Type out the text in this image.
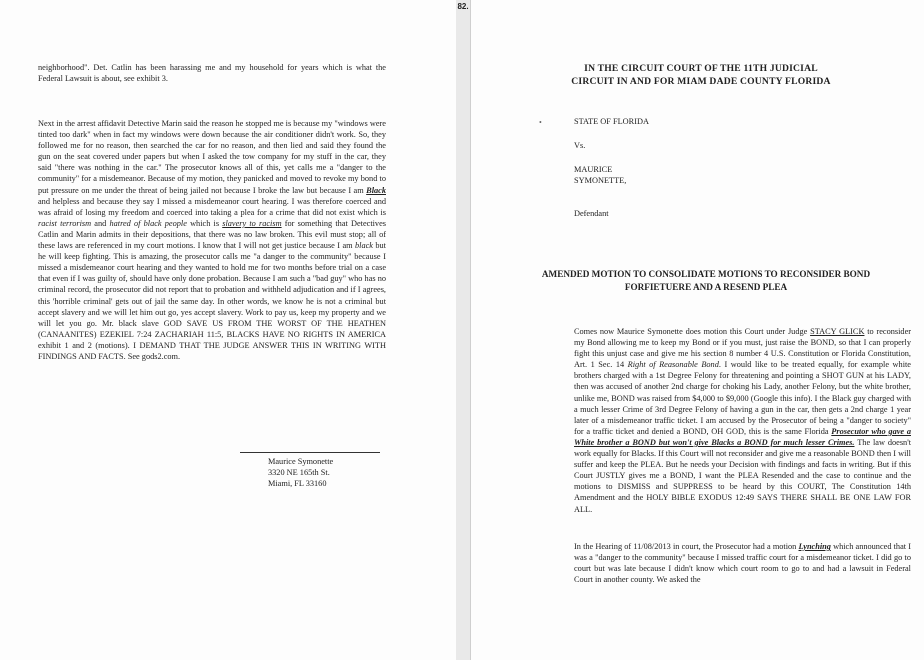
neighborhood". Det. Catlin has been harassing me and my household for years which is what the Federal Lawsuit is about, see exhibit 3.
Next in the arrest affidavit Detective Marin said the reason he stopped me is because my "windows were tinted too dark" when in fact my windows were down because the air conditioner didn't work. So, they followed me for no reason, then searched the car for no reason, and then lied and said they found the gun on the seat covered under papers but when I asked the tow company for my stuff in the car, they said "there was nothing in the car." The prosecutor knows all of this, yet calls me a "danger to the community" for a misdemeanor. Because of my motion, they panicked and moved to revoke my bond to put pressure on me under the threat of being jailed not because I broke the law but because I am Black and helpless and because they say I missed a misdemeanor court hearing. I was therefore coerced and was afraid of losing my freedom and coerced into taking a plea for a crime that did not exist which is racist terrorism and hatred of black people which is slavery to racism for something that Detectives Catlin and Marin admits in their depositions, that there was no law broken. This evil must stop; all of these laws are referenced in my court motions. I know that I will not get justice because I am black but he will keep fighting. This is amazing, the prosecutor calls me "a danger to the community" because I missed a misdemeanor court hearing and they wanted to hold me for two months before trial on a case that even if I was guilty of, should have only done probation. Because I am such a "bad guy" who has no criminal record, the prosecutor did not report that to probation and withheld adjudication and if I agrees, this 'horrible criminal' gets out of jail the same day. In other words, we know he is not a criminal but accept slavery and we will let him out go, yes accept slavery. Work to pay us, keep my property and we will let you go. Mr. black slave GOD SAVE US FROM THE WORST OF THE HEATHEN (CANAANITES) EZEKIEL 7:24 ZACHARIAH 11:5, BLACKS HAVE NO RIGHTS IN AMERICA exhibit 1 and 2 (motions). I DEMAND THAT THE JUDGE ANSWER THIS IN WRITING WITH FINDINGS AND FACTS. See gods2.com.
Maurice Symonette
3320 NE 165th St.
Miami, FL 33160
82.
IN THE CIRCUIT COURT OF THE 11TH JUDICIAL
CIRCUIT IN AND FOR MIAM DADE COUNTY FLORIDA
•	STATE OF FLORIDA
Vs.
MAURICE
SYMONETTE,
Defendant
AMENDED MOTION TO CONSOLIDATE MOTIONS TO RECONSIDER BOND
FORFIETUERE AND A RESEND PLEA
Comes now Maurice Symonette does motion this Court under Judge STACY GLICK to reconsider my Bond allowing me to keep my Bond or if you must, just raise the BOND, so that I can properly fight this unjust case and give me his section 8 number 4 U.S. Constitution or Florida Constitution, Art. 1 Sec. 14 Right of Reasonable Bond. I would like to be treated equally, for example white brothers charged with a 1st Degree Felony for threatening and pointing a SHOT GUN at his LADY, then was accused of another 2nd charge for choking his Lady, another Felony, but the white brother, unlike me, BOND was raised from $4,000 to $9,000 (Google this info). I the Black guy charged with a much lesser Crime of 3rd Degree Felony of having a gun in the car, then gets a 2nd charge 1 year later of a misdemeanor traffic ticket. I am accused by the Prosecutor of being a "danger to society" for a traffic ticket and denied a BOND, OH GOD, this is the same Florida Prosecutor who gave a White brother a BOND but won't give Blacks a BOND for much lesser Crimes. The law doesn't work equally for Blacks. If this Court will not reconsider and give me a reasonable BOND then I will suffer and keep the PLEA. But he needs your Decision with findings and facts in writing. But if this Court JUSTLY gives me a BOND, I want the PLEA Resended and the case to continue and the motions to DISMISS and SUPPRESS to be heard by this COURT, The Constitution 14th Amendment and the HOLY BIBLE EXODUS 12:49 SAYS THERE SHALL BE ONE LAW FOR ALL.
In the Hearing of 11/08/2013 in court, the Prosecutor had a motion Lynching which announced that I was a "danger to the community" because I missed traffic court for a misdemeanor ticket. I did go to court but was late because I didn't know which court room to go to and had a lawsuit in Federal Court in another county. We asked the
